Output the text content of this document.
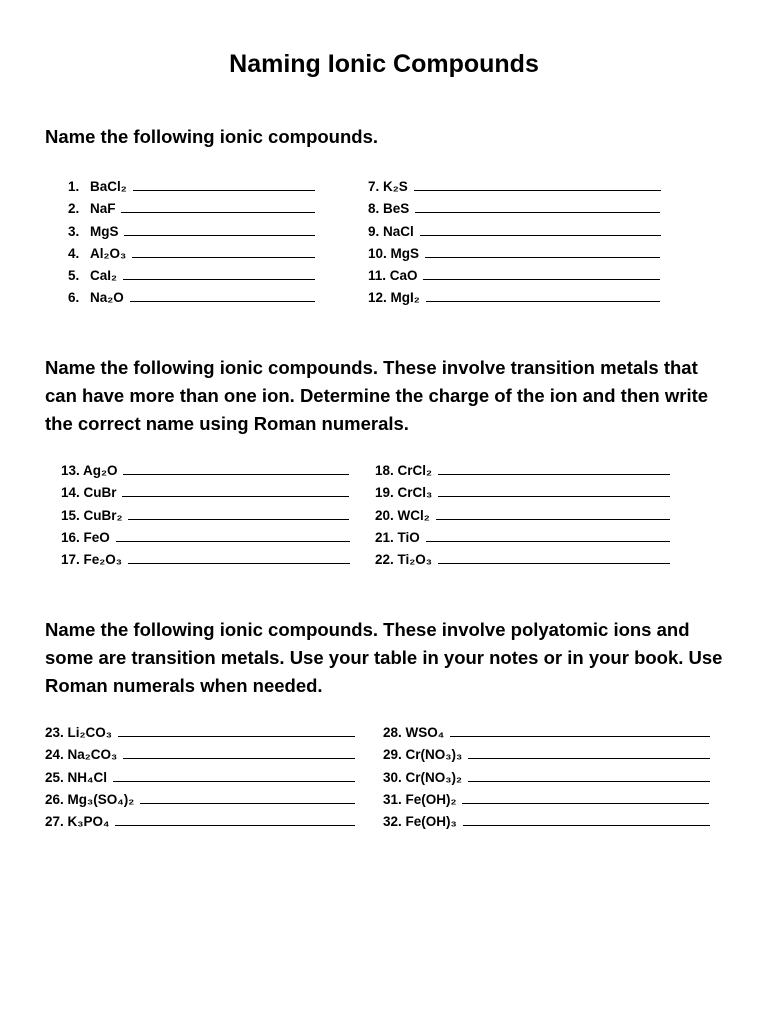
Naming Ionic Compounds
Name the following ionic compounds.
1. BaCl₂
2. NaF
3. MgS
4. Al₂O₃
5. CaI₂
6. Na₂O
7. K₂S
8. BeS
9. NaCl
10. MgS
11. CaO
12. MgI₂
Name the following ionic compounds. These involve transition metals that can have more than one ion. Determine the charge of the ion and then write the correct name using Roman numerals.
13. Ag₂O
14. CuBr
15. CuBr₂
16. FeO
17. Fe₂O₃
18. CrCl₂
19. CrCl₃
20. WCl₂
21. TiO
22. Ti₂O₃
Name the following ionic compounds. These involve polyatomic ions and some are transition metals. Use your table in your notes or in your book. Use Roman numerals when needed.
23. Li₂CO₃
24. Na₂CO₃
25. NH₄Cl
26. Mg₃(SO₄)₂
27. K₃PO₄
28. WSO₄
29. Cr(NO₃)₃
30. Cr(NO₃)₂
31. Fe(OH)₂
32. Fe(OH)₃
